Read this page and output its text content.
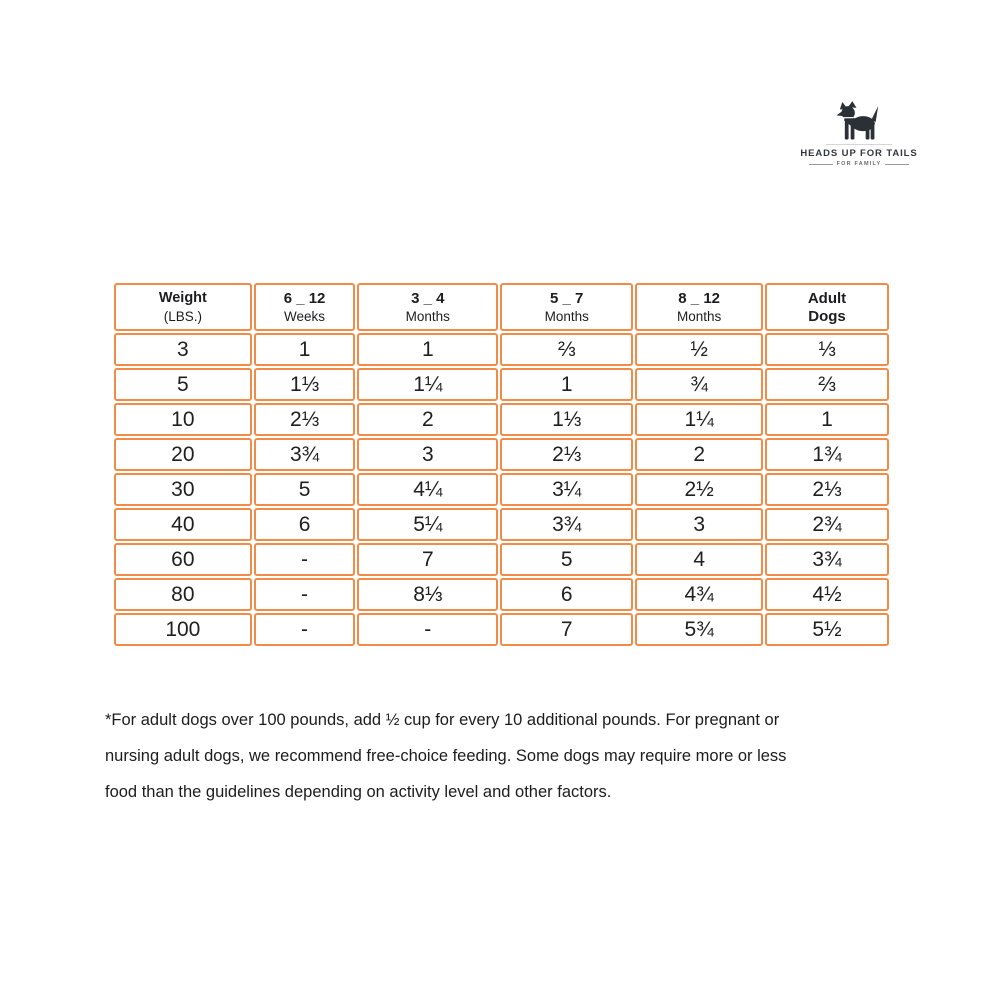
HEADS UP FOR TAILS
FOR FAMILY
Weight
(LBS.)

6 _ 12
Weeks

3 _ 4
Months

5 _ 7
Months

8 _ 12
Months

Adult
Dogs

3	1	1	⅔	½	⅓
5	1⅓	1¼	1	¾	⅔
10	2⅓	2	1⅓	1¼	1
20	3¾	3	2⅓	2	1¾
30	5	4¼	3¼	2½	2⅓
40	6	5¼	3¾	3	2¾
60	-	7	5	4	3¾
80	-	8⅓	6	4¾	4½
100	-	-	7	5¾	5½
*For adult dogs over 100 pounds, add ½ cup for every 10 additional pounds. For pregnant or
nursing adult dogs, we recommend free-choice feeding. Some dogs may require more or less
food than the guidelines depending on activity level and other factors.
